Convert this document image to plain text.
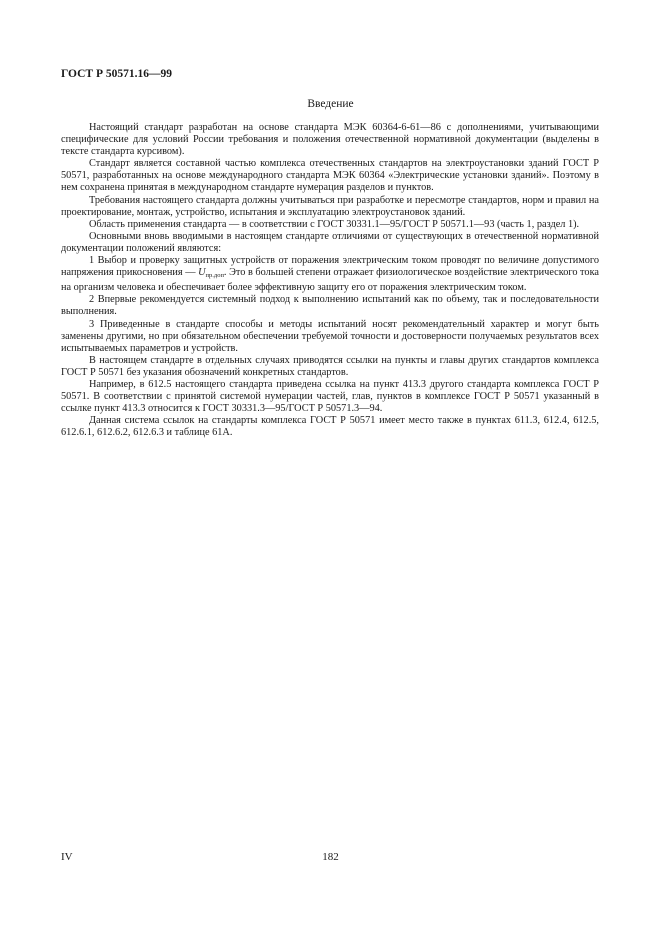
ГОСТ Р 50571.16—99
Введение

Настоящий стандарт разработан на основе стандарта МЭК 60364-6-61—86 с дополнениями, учитывающими специфические для условий России требования и положения отечественной нормативной документации (выделены в тексте стандарта курсивом).

Стандарт является составной частью комплекса отечественных стандартов на электроустановки зданий ГОСТ Р 50571, разработанных на основе международного стандарта МЭК 60364 «Электрические установки зданий». Поэтому в нем сохранена принятая в международном стандарте нумерация разделов и пунктов.

Требования настоящего стандарта должны учитываться при разработке и пересмотре стандартов, норм и правил на проектирование, монтаж, устройство, испытания и эксплуатацию электроустановок зданий.

Область применения стандарта — в соответствии с ГОСТ 30331.1—95/ГОСТ Р 50571.1—93 (часть 1, раздел 1).

Основными вновь вводимыми в настоящем стандарте отличиями от существующих в отечественной нормативной документации положений являются:

1 Выбор и проверку защитных устройств от поражения электрическим током проводят по величине допустимого напряжения прикосновения — $U_{пр.доп}$. Это в большей степени отражает физиологическое воздействие электрического тока на организм человека и обеспечивает более эффективную защиту его от поражения электрическим током.

2 Впервые рекомендуется системный подход к выполнению испытаний как по объему, так и последовательности выполнения.

3 Приведенные в стандарте способы и методы испытаний носят рекомендательный характер и могут быть заменены другими, но при обязательном обеспечении требуемой точности и достоверности получаемых результатов всех испытываемых параметров и устройств.

В настоящем стандарте в отдельных случаях приводятся ссылки на пункты и главы других стандартов комплекса ГОСТ Р 50571 без указания обозначений конкретных стандартов.

Например, в 612.5 настоящего стандарта приведена ссылка на пункт 413.3 другого стандарта комплекса ГОСТ Р 50571. В соответствии с принятой системой нумерации частей, глав, пунктов в комплексе ГОСТ Р 50571 указанный в ссылке пункт 413.3 относится к ГОСТ 30331.3—95/ГОСТ Р 50571.3—94.

Данная система ссылок на стандарты комплекса ГОСТ Р 50571 имеет место также в пунктах 611.3, 612.4, 612.5, 612.6.1, 612.6.2, 612.6.3 и таблице 61А.

IV	182
